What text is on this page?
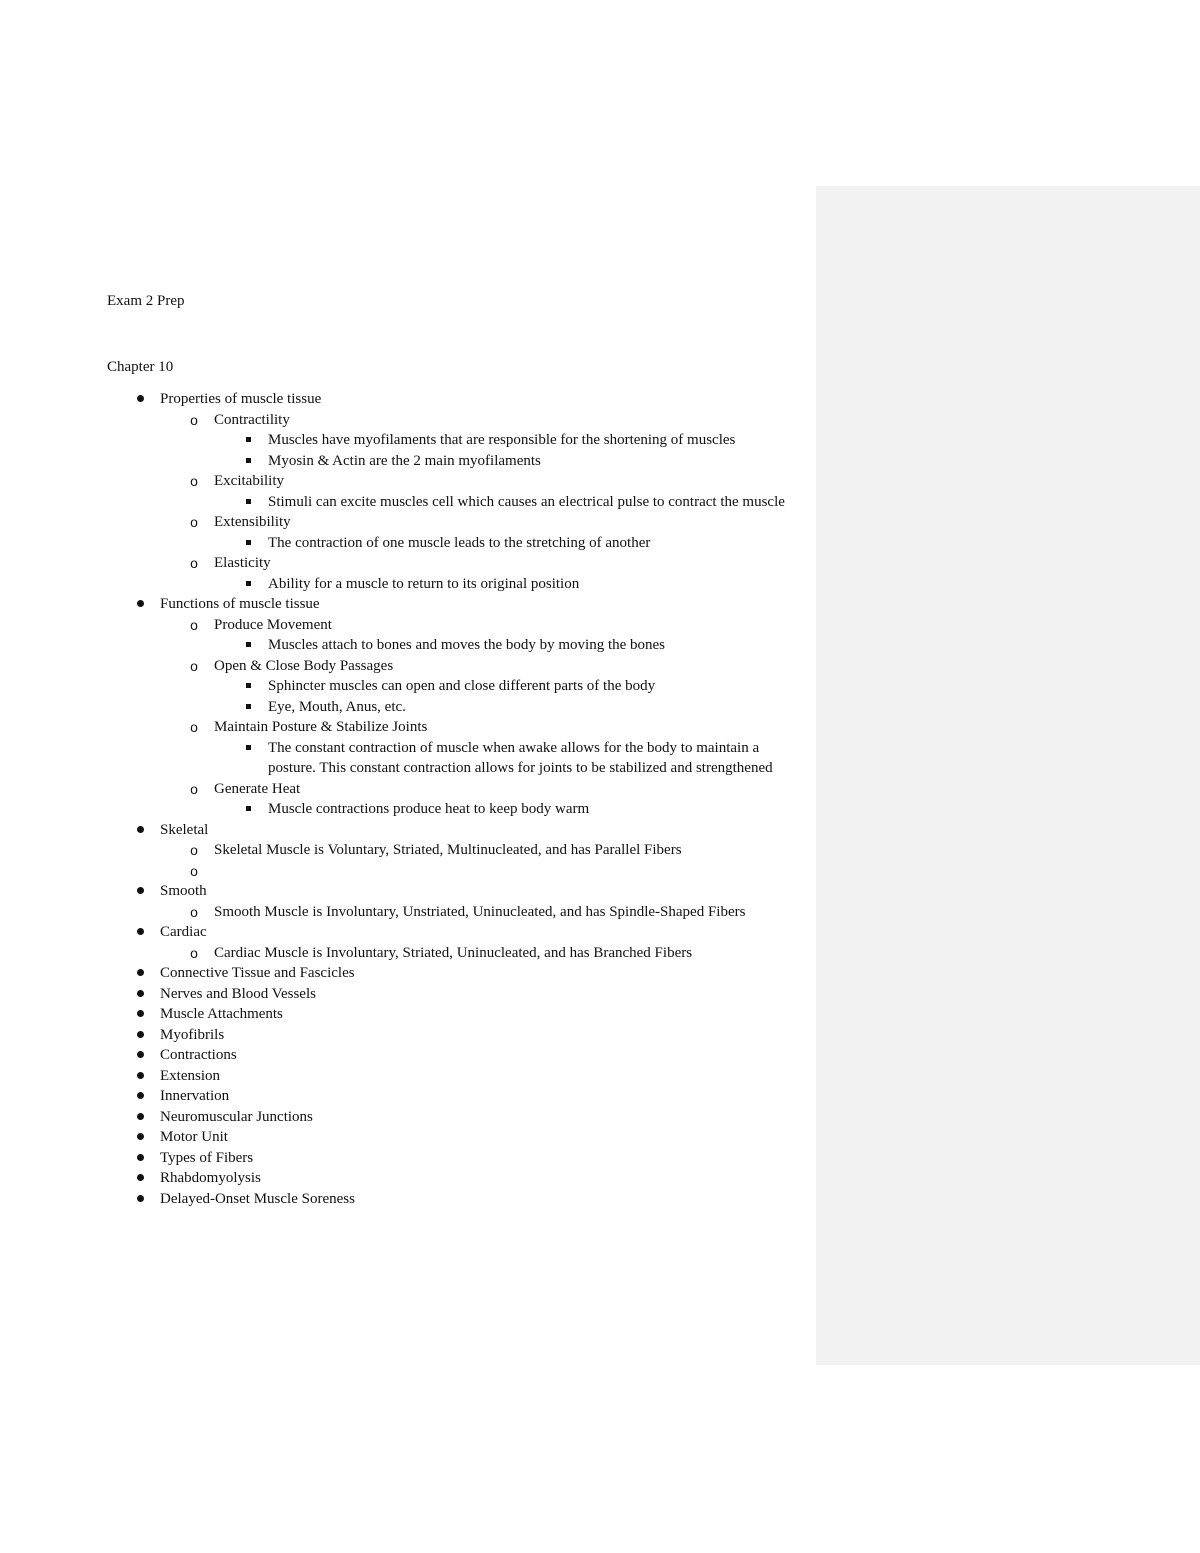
Exam 2 Prep
Chapter 10
Properties of muscle tissue
o Contractility
Muscles have myofilaments that are responsible for the shortening of muscles
Myosin & Actin are the 2 main myofilaments
o Excitability
Stimuli can excite muscles cell which causes an electrical pulse to contract the muscle
o Extensibility
The contraction of one muscle leads to the stretching of another
o Elasticity
Ability for a muscle to return to its original position
Functions of muscle tissue
o Produce Movement
Muscles attach to bones and moves the body by moving the bones
o Open & Close Body Passages
Sphincter muscles can open and close different parts of the body
Eye, Mouth, Anus, etc.
o Maintain Posture & Stabilize Joints
The constant contraction of muscle when awake allows for the body to maintain a posture. This constant contraction allows for joints to be stabilized and strengthened
o Generate Heat
Muscle contractions produce heat to keep body warm
Skeletal
o Skeletal Muscle is Voluntary, Striated, Multinucleated, and has Parallel Fibers
o

Smooth
o Smooth Muscle is Involuntary, Unstriated, Uninucleated, and has Spindle-Shaped Fibers
Cardiac
o Cardiac Muscle is Involuntary, Striated, Uninucleated, and has Branched Fibers
Connective Tissue and Fascicles
Nerves and Blood Vessels
Muscle Attachments
Myofibrils
Contractions
Extension
Innervation
Neuromuscular Junctions
Motor Unit
Types of Fibers
Rhabdomyolysis
Delayed-Onset Muscle Soreness
